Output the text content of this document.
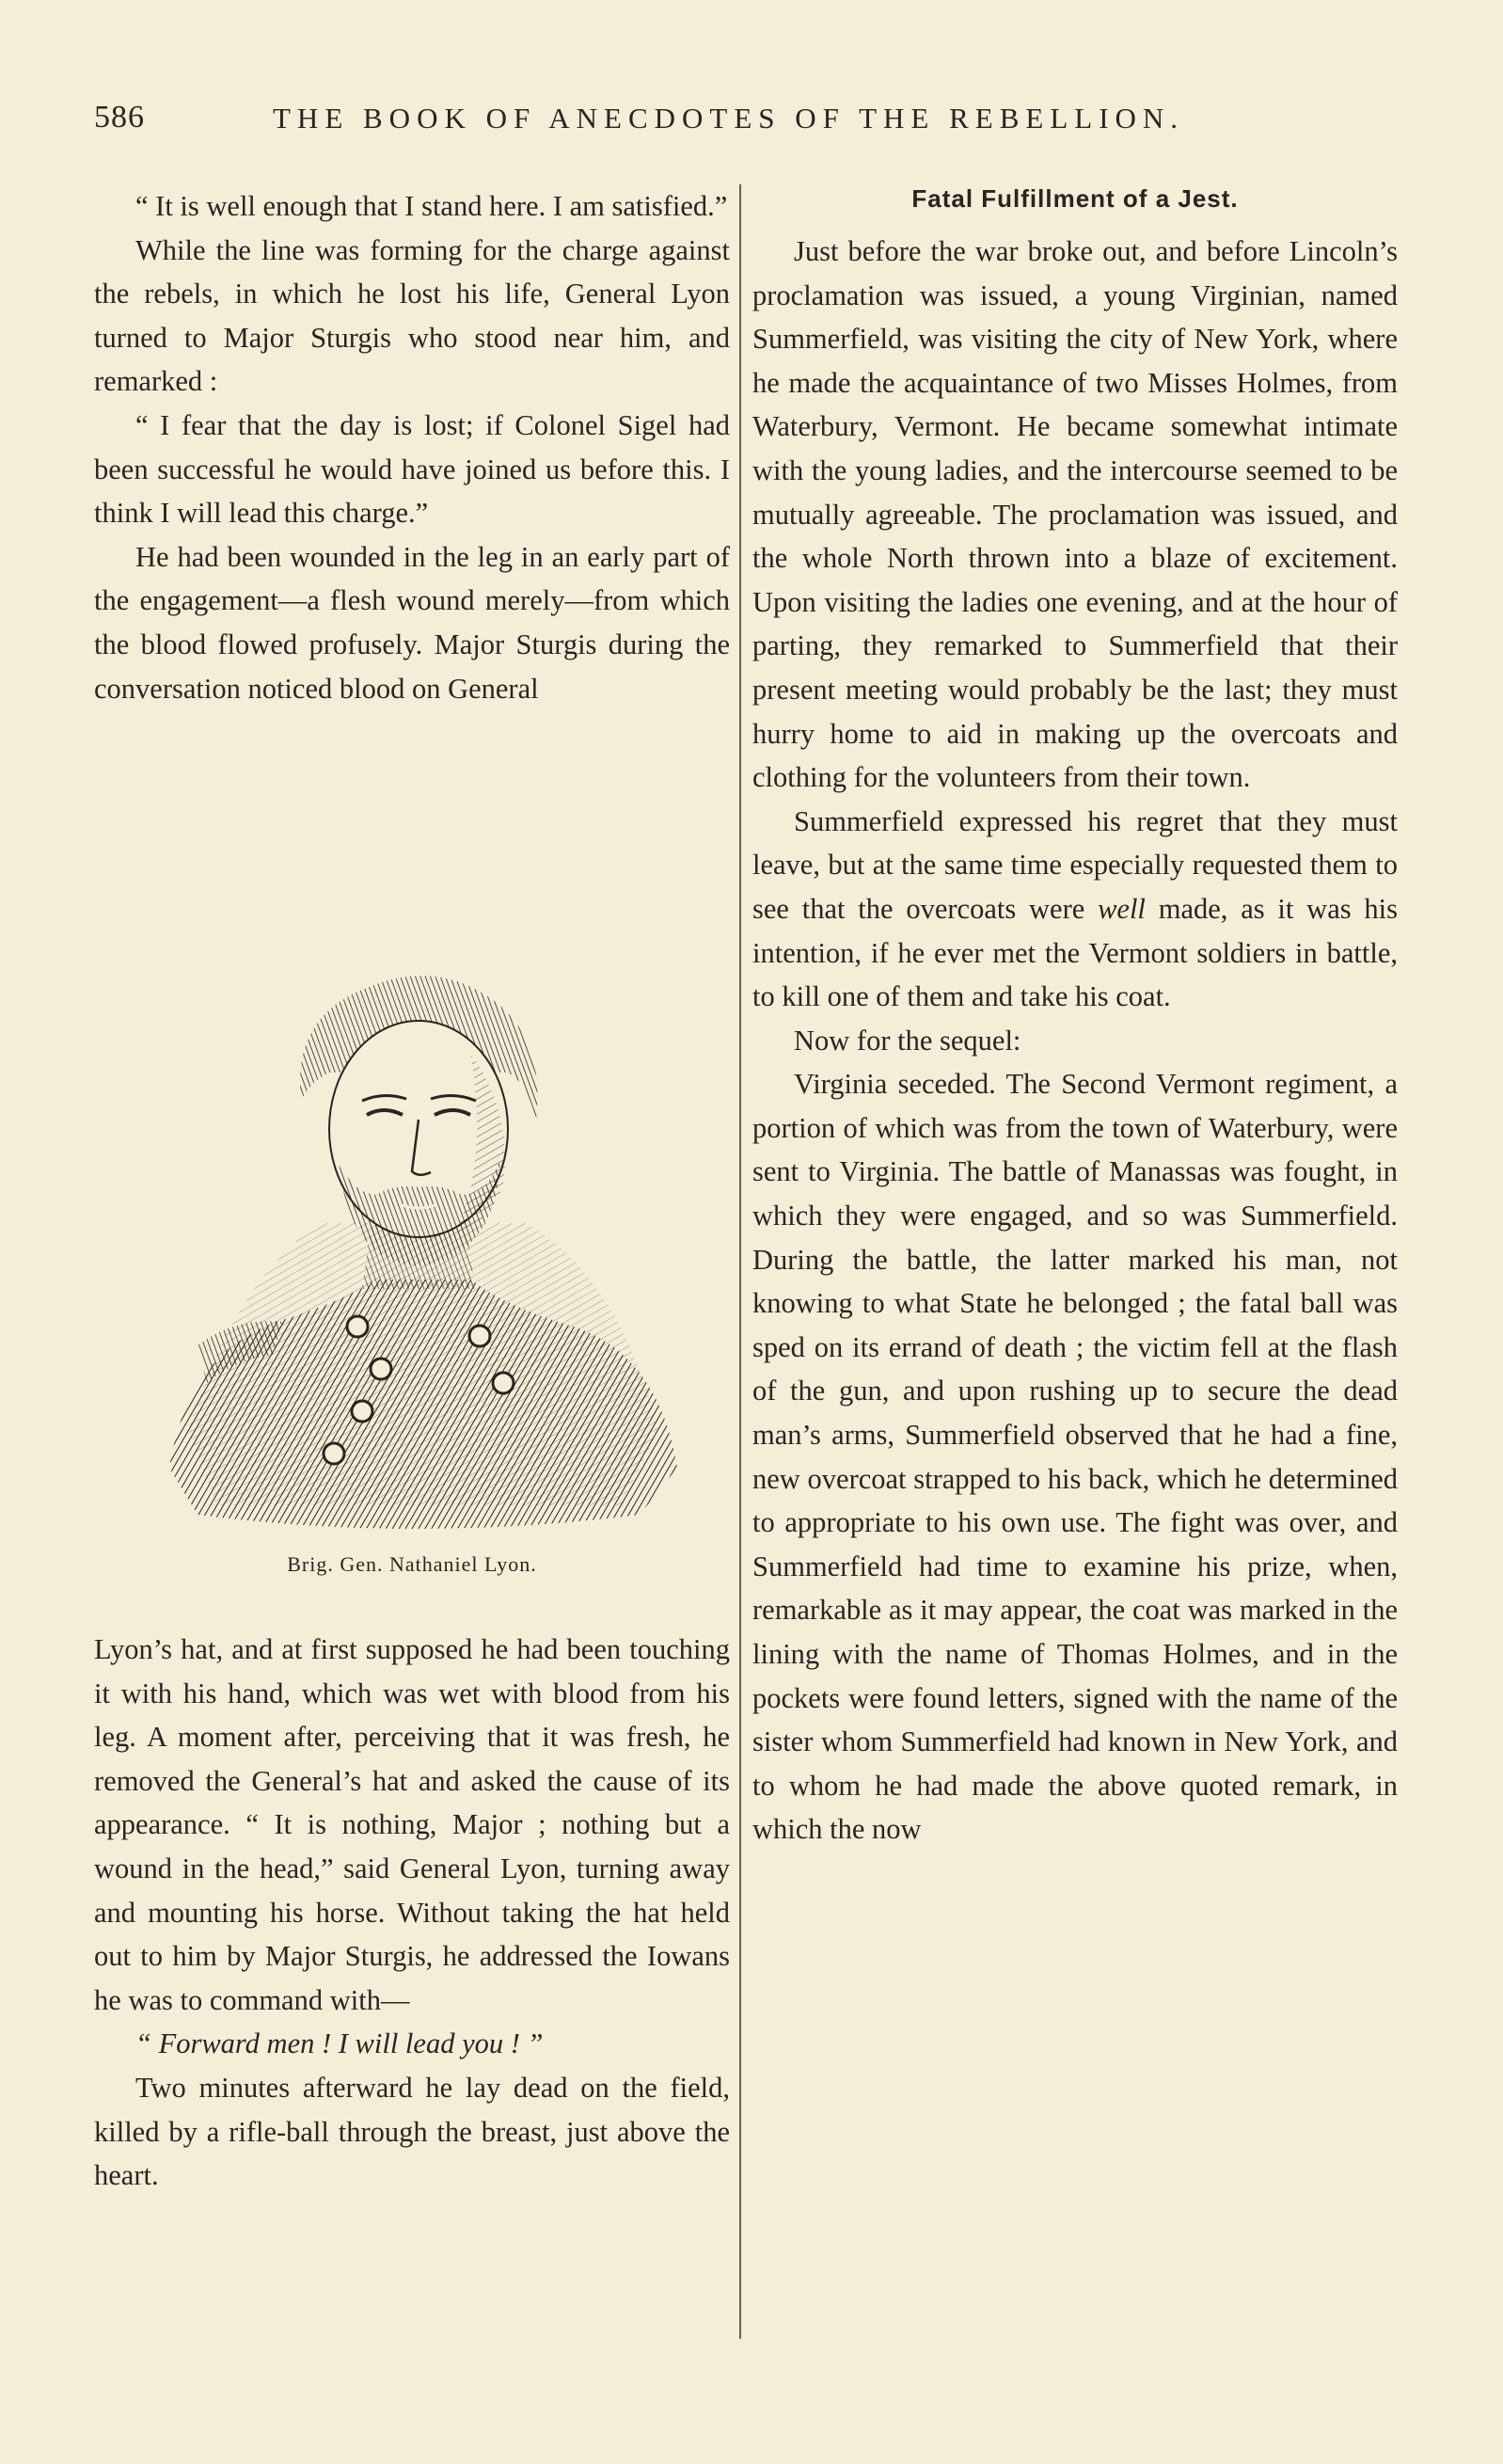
586	THE BOOK OF ANECDOTES OF THE REBELLION.

“ It is well enough that I stand here. I am satisfied.”

While the line was forming for the charge against the rebels, in which he lost his life, General Lyon turned to Major Sturgis who stood near him, and remarked :

“ I fear that the day is lost; if Colonel Sigel had been successful he would have joined us before this. I think I will lead this charge.”

He had been wounded in the leg in an early part of the engagement—a flesh wound merely—from which the blood flowed profusely. Major Sturgis during the conversation noticed blood on General

Brig. Gen. Nathaniel Lyon.

Lyon’s hat, and at first supposed he had been touching it with his hand, which was wet with blood from his leg. A moment after, perceiving that it was fresh, he removed the General’s hat and asked the cause of its appearance. “ It is nothing, Major ; nothing but a wound in the head,” said General Lyon, turning away and mounting his horse. Without taking the hat held out to him by Major Sturgis, he addressed the Iowans he was to command with—

“ Forward men ! I will lead you ! ”

Two minutes afterward he lay dead on the field, killed by a rifle-ball through the breast, just above the heart.

Fatal Fulfillment of a Jest.

Just before the war broke out, and before Lincoln’s proclamation was issued, a young Virginian, named Summerfield, was visiting the city of New York, where he made the acquaintance of two Misses Holmes, from Waterbury, Vermont. He became somewhat intimate with the young ladies, and the intercourse seemed to be mutually agreeable. The proclamation was issued, and the whole North thrown into a blaze of excitement. Upon visiting the ladies one evening, and at the hour of parting, they remarked to Summerfield that their present meeting would probably be the last; they must hurry home to aid in making up the overcoats and clothing for the volunteers from their town.

Summerfield expressed his regret that they must leave, but at the same time especially requested them to see that the overcoats were well made, as it was his intention, if he ever met the Vermont soldiers in battle, to kill one of them and take his coat.

Now for the sequel:

Virginia seceded. The Second Vermont regiment, a portion of which was from the town of Waterbury, were sent to Virginia. The battle of Manassas was fought, in which they were engaged, and so was Summerfield. During the battle, the latter marked his man, not knowing to what State he belonged ; the fatal ball was sped on its errand of death ; the victim fell at the flash of the gun, and upon rushing up to secure the dead man’s arms, Summerfield observed that he had a fine, new overcoat strapped to his back, which he determined to appropriate to his own use. The fight was over, and Summerfield had time to examine his prize, when, remarkable as it may appear, the coat was marked in the lining with the name of Thomas Holmes, and in the pockets were found letters, signed with the name of the sister whom Summerfield had known in New York, and to whom he had made the above quoted remark, in which the now
